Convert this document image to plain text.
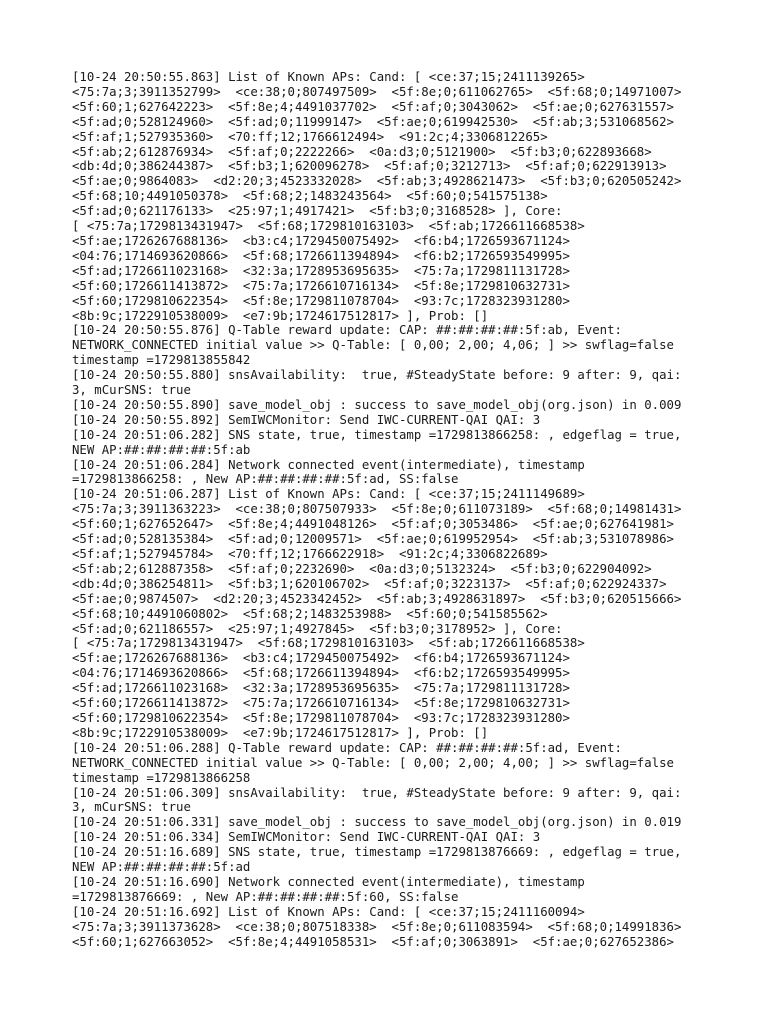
[10-24 20:50:55.863] List of Known APs: Cand: [ <ce:37;15;2411139265>
<75:7a;3;3911352799>  <ce:38;0;807497509>  <5f:8e;0;611062765>  <5f:68;0;14971007>
<5f:60;1;627642223>  <5f:8e;4;4491037702>  <5f:af;0;3043062>  <5f:ae;0;627631557>
<5f:ad;0;528124960>  <5f:ad;0;11999147>  <5f:ae;0;619942530>  <5f:ab;3;531068562>
<5f:af;1;527935360>  <70:ff;12;1766612494>  <91:2c;4;3306812265>
<5f:ab;2;612876934>  <5f:af;0;2222266>  <0a:d3;0;5121900>  <5f:b3;0;622893668>
<db:4d;0;386244387>  <5f:b3;1;620096278>  <5f:af;0;3212713>  <5f:af;0;622913913>
<5f:ae;0;9864083>  <d2:20;3;4523332028>  <5f:ab;3;4928621473>  <5f:b3;0;620505242>
<5f:68;10;4491050378>  <5f:68;2;1483243564>  <5f:60;0;541575138>
<5f:ad;0;621176133>  <25:97;1;4917421>  <5f:b3;0;3168528> ], Core:
[ <75:7a;1729813431947>  <5f:68;1729810163103>  <5f:ab;1726611668538>
<5f:ae;1726267688136>  <b3:c4;1729450075492>  <f6:b4;1726593671124>
<04:76;1714693620866>  <5f:68;1726611394894>  <f6:b2;1726593549995>
<5f:ad;1726611023168>  <32:3a;1728953695635>  <75:7a;1729811131728>
<5f:60;1726611413872>  <75:7a;1726610716134>  <5f:8e;1729810632731>
<5f:60;1729810622354>  <5f:8e;1729811078704>  <93:7c;1728323931280>
<8b:9c;1722910538009>  <e7:9b;1724617512817> ], Prob: []
[10-24 20:50:55.876] Q-Table reward update: CAP: ##:##:##:##:5f:ab, Event:
NETWORK_CONNECTED initial value >> Q-Table: [ 0,00; 2,00; 4,06; ] >> swflag=false
timestamp =1729813855842
[10-24 20:50:55.880] snsAvailability:  true, #SteadyState before: 9 after: 9, qai:
3, mCurSNS: true
[10-24 20:50:55.890] save_model_obj : success to save_model_obj(org.json) in 0.009
[10-24 20:50:55.892] SemIWCMonitor: Send IWC-CURRENT-QAI QAI: 3
[10-24 20:51:06.282] SNS state, true, timestamp =1729813866258: , edgeflag = true,
NEW AP:##:##:##:##:5f:ab
[10-24 20:51:06.284] Network connected event(intermediate), timestamp
=1729813866258: , New AP:##:##:##:##:5f:ad, SS:false
[10-24 20:51:06.287] List of Known APs: Cand: [ <ce:37;15;2411149689>
<75:7a;3;3911363223>  <ce:38;0;807507933>  <5f:8e;0;611073189>  <5f:68;0;14981431>
<5f:60;1;627652647>  <5f:8e;4;4491048126>  <5f:af;0;3053486>  <5f:ae;0;627641981>
<5f:ad;0;528135384>  <5f:ad;0;12009571>  <5f:ae;0;619952954>  <5f:ab;3;531078986>
<5f:af;1;527945784>  <70:ff;12;1766622918>  <91:2c;4;3306822689>
<5f:ab;2;612887358>  <5f:af;0;2232690>  <0a:d3;0;5132324>  <5f:b3;0;622904092>
<db:4d;0;386254811>  <5f:b3;1;620106702>  <5f:af;0;3223137>  <5f:af;0;622924337>
<5f:ae;0;9874507>  <d2:20;3;4523342452>  <5f:ab;3;4928631897>  <5f:b3;0;620515666>
<5f:68;10;4491060802>  <5f:68;2;1483253988>  <5f:60;0;541585562>
<5f:ad;0;621186557>  <25:97;1;4927845>  <5f:b3;0;3178952> ], Core:
[ <75:7a;1729813431947>  <5f:68;1729810163103>  <5f:ab;1726611668538>
<5f:ae;1726267688136>  <b3:c4;1729450075492>  <f6:b4;1726593671124>
<04:76;1714693620866>  <5f:68;1726611394894>  <f6:b2;1726593549995>
<5f:ad;1726611023168>  <32:3a;1728953695635>  <75:7a;1729811131728>
<5f:60;1726611413872>  <75:7a;1726610716134>  <5f:8e;1729810632731>
<5f:60;1729810622354>  <5f:8e;1729811078704>  <93:7c;1728323931280>
<8b:9c;1722910538009>  <e7:9b;1724617512817> ], Prob: []
[10-24 20:51:06.288] Q-Table reward update: CAP: ##:##:##:##:5f:ad, Event:
NETWORK_CONNECTED initial value >> Q-Table: [ 0,00; 2,00; 4,00; ] >> swflag=false
timestamp =1729813866258
[10-24 20:51:06.309] snsAvailability:  true, #SteadyState before: 9 after: 9, qai:
3, mCurSNS: true
[10-24 20:51:06.331] save_model_obj : success to save_model_obj(org.json) in 0.019
[10-24 20:51:06.334] SemIWCMonitor: Send IWC-CURRENT-QAI QAI: 3
[10-24 20:51:16.689] SNS state, true, timestamp =1729813876669: , edgeflag = true,
NEW AP:##:##:##:##:5f:ad
[10-24 20:51:16.690] Network connected event(intermediate), timestamp
=1729813876669: , New AP:##:##:##:##:5f:60, SS:false
[10-24 20:51:16.692] List of Known APs: Cand: [ <ce:37;15;2411160094>
<75:7a;3;3911373628>  <ce:38;0;807518338>  <5f:8e;0;611083594>  <5f:68;0;14991836>
<5f:60;1;627663052>  <5f:8e;4;4491058531>  <5f:af;0;3063891>  <5f:ae;0;627652386>
